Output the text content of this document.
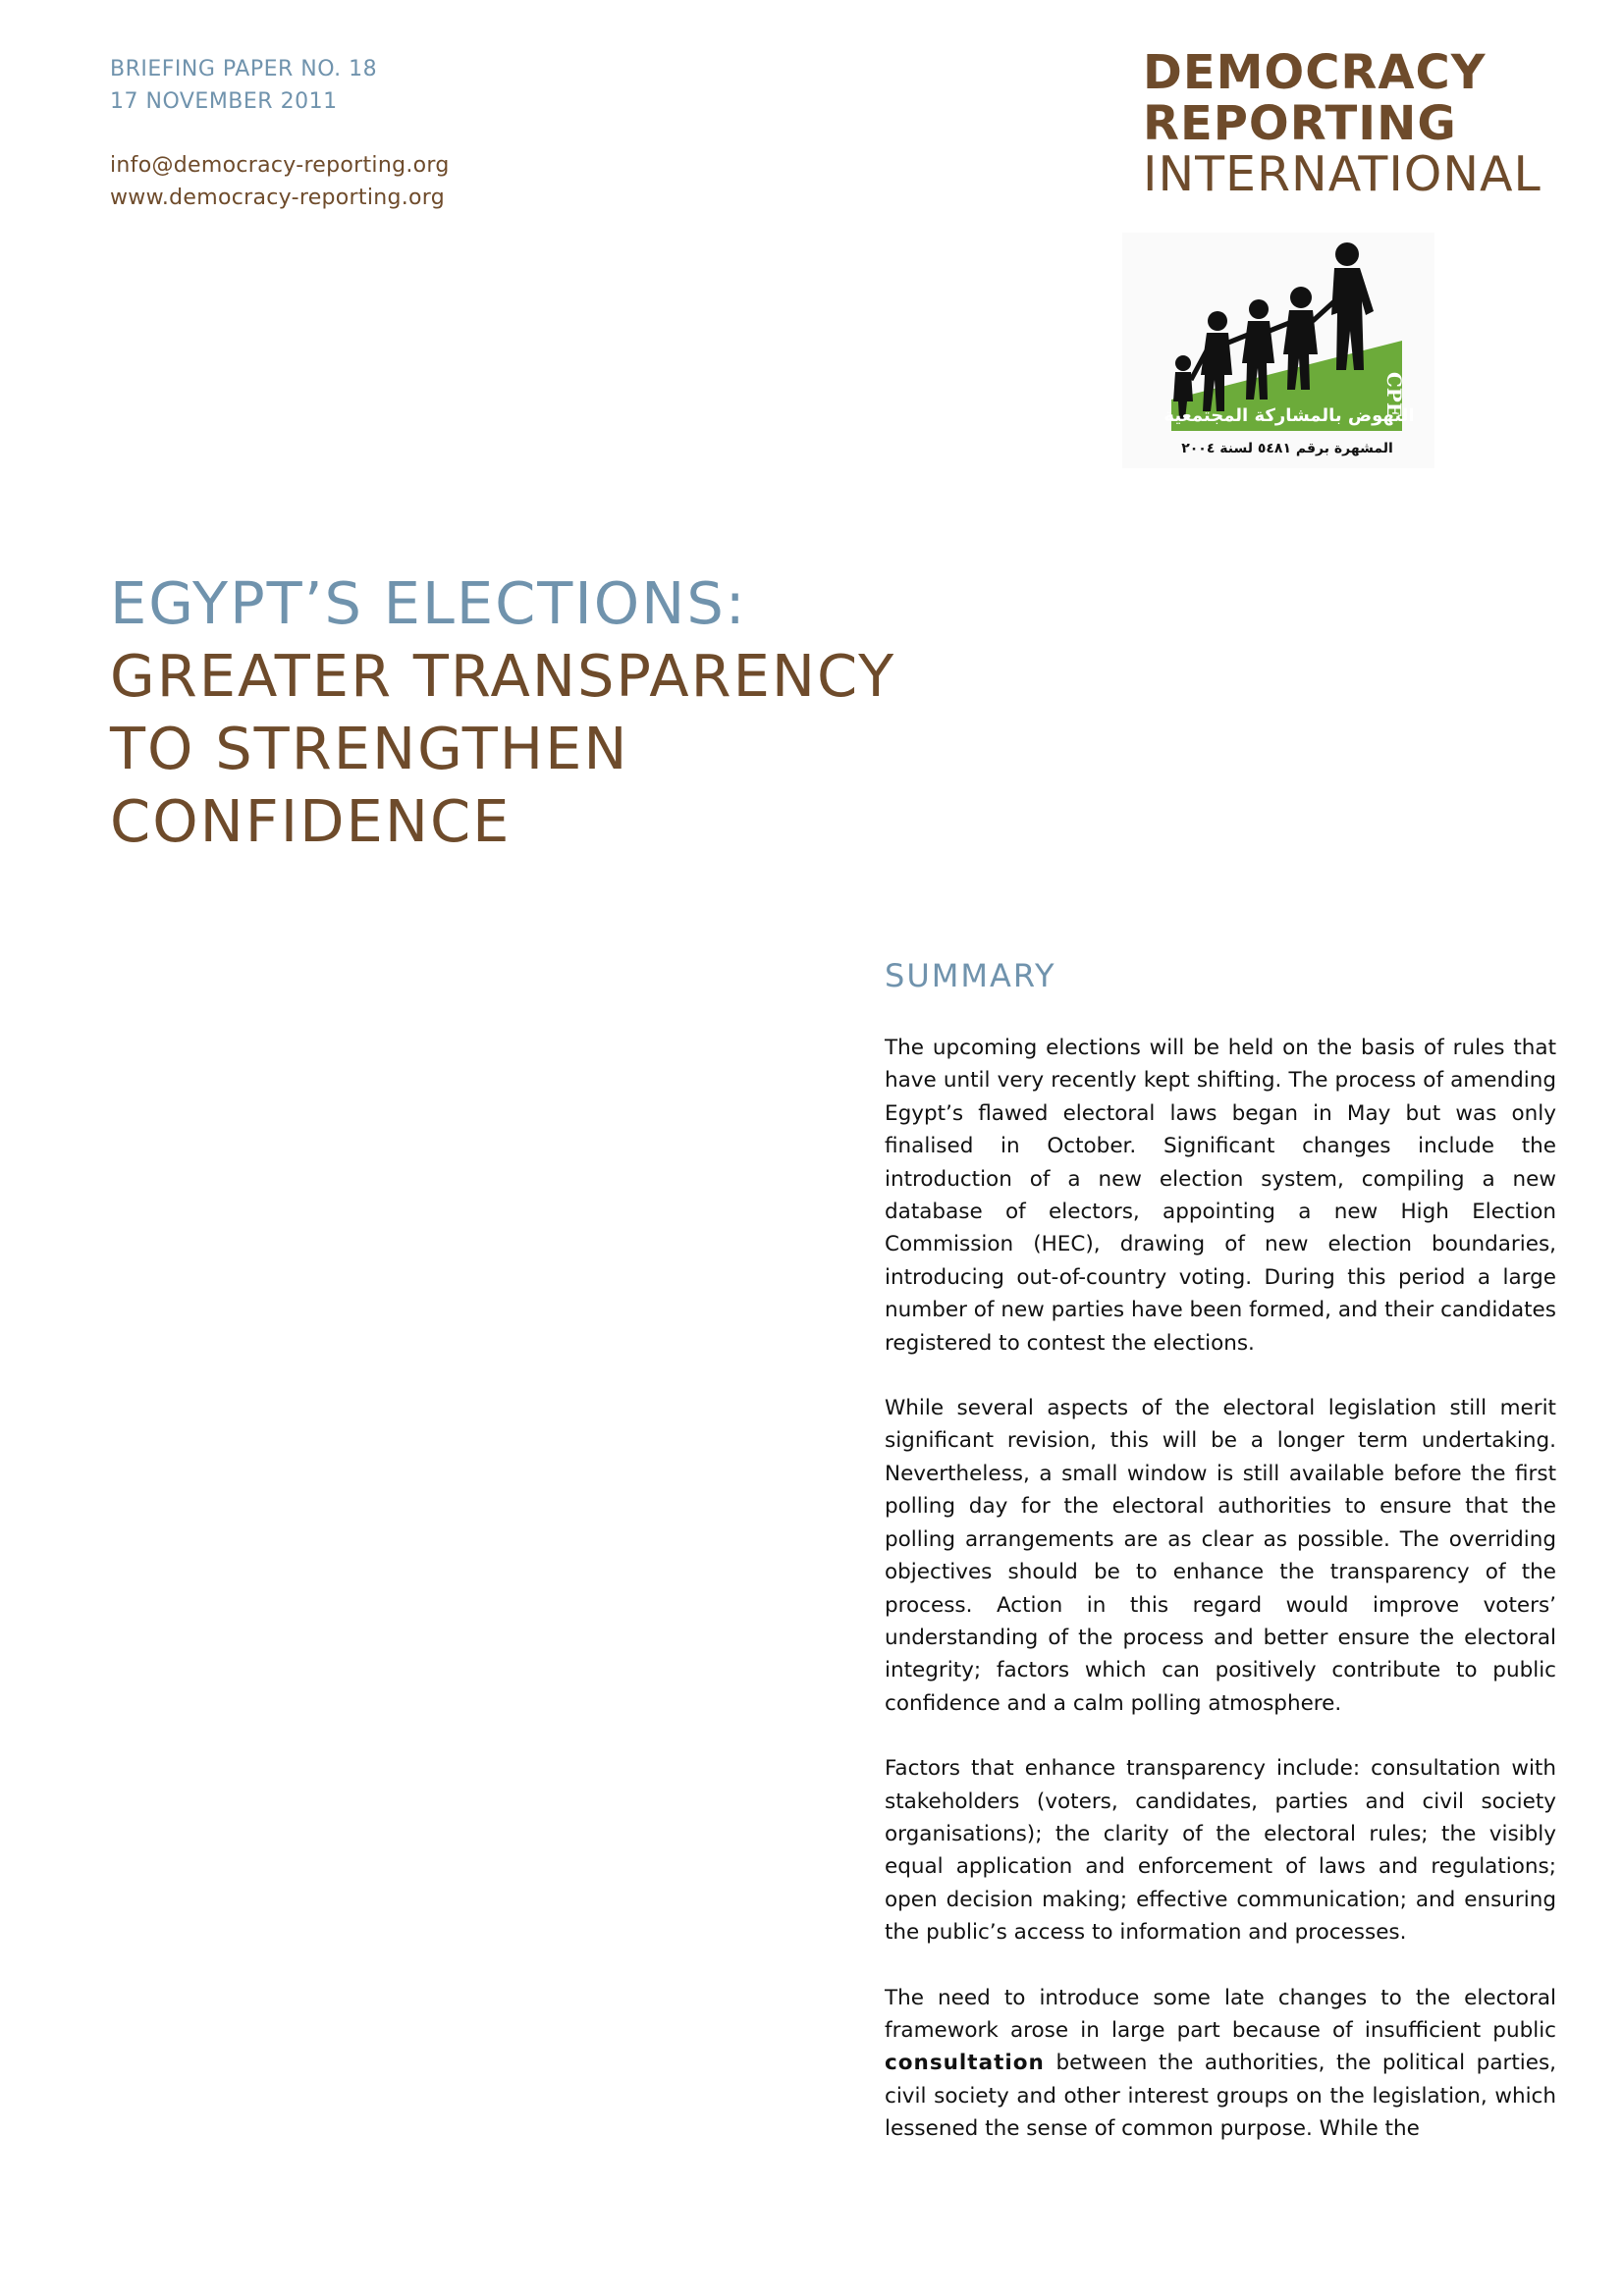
BRIEFING PAPER NO. 18
17 NOVEMBER 2011
info@democracy-reporting.org
www.democracy-reporting.org
DEMOCRACY
REPORTING
INTERNATIONAL
النهوض بالمشاركة المجتمعية
CPE
المشهرة برقم ٥٤٨١ لسنة ٢٠٠٤
EGYPT’S ELECTIONS:
GREATER TRANSPARENCY
TO STRENGTHEN
CONFIDENCE
SUMMARY

The upcoming elections will be held on the basis of rules that have until very recently kept shifting. The process of amending Egypt’s flawed electoral laws began in May but was only finalised in October. Significant changes include the introduction of a new election system, compiling a new database of electors, appointing a new High Election Commission (HEC), drawing of new election boundaries, introducing out-of-country voting. During this period a large number of new parties have been formed, and their candidates registered to contest the elections.

While several aspects of the electoral legislation still merit significant revision, this will be a longer term undertaking. Nevertheless, a small window is still available before the first polling day for the electoral authorities to ensure that the polling arrangements are as clear as possible. The overriding objectives should be to enhance the transparency of the process. Action in this regard would improve voters’ understanding of the process and better ensure the electoral integrity; factors which can positively contribute to public confidence and a calm polling atmosphere.

Factors that enhance transparency include: consultation with stakeholders (voters, candidates, parties and civil society organisations); the clarity of the electoral rules; the visibly equal application and enforcement of laws and regulations; open decision making; effective communication; and ensuring the public’s access to information and processes.

The need to introduce some late changes to the electoral framework arose in large part because of insufficient public consultation between the authorities, the political parties, civil society and other interest groups on the legislation, which lessened the sense of common purpose. While the
